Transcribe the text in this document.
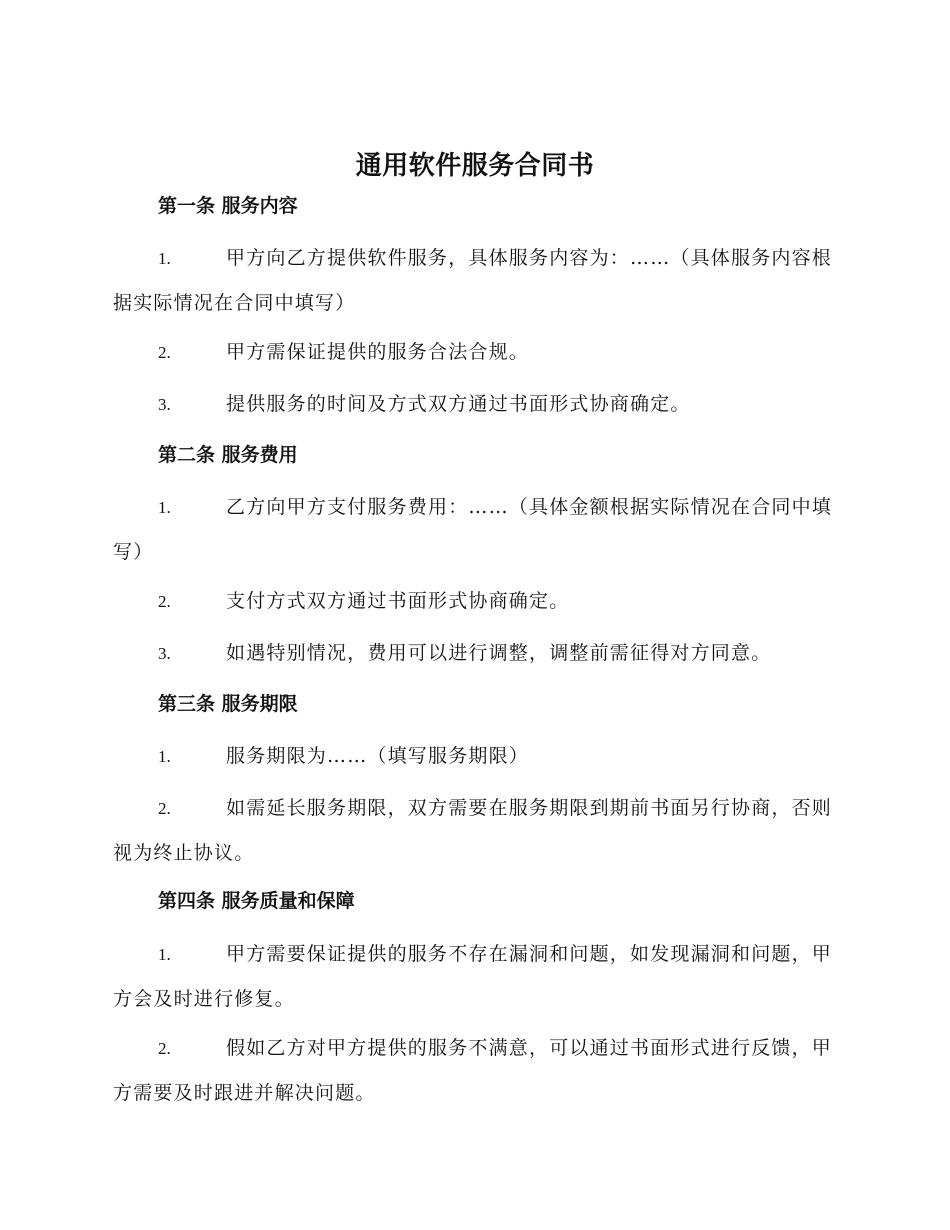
通用软件服务合同书
第一条 服务内容
1.	甲方向乙方提供软件服务，具体服务内容为：……（具体服务内容根据实际情况在合同中填写）
2.	甲方需保证提供的服务合法合规。
3.	提供服务的时间及方式双方通过书面形式协商确定。
第二条 服务费用
1.	乙方向甲方支付服务费用：……（具体金额根据实际情况在合同中填写）
2.	支付方式双方通过书面形式协商确定。
3.	如遇特别情况，费用可以进行调整，调整前需征得对方同意。
第三条 服务期限
1.	服务期限为……（填写服务期限）
2.	如需延长服务期限，双方需要在服务期限到期前书面另行协商，否则视为终止协议。
第四条 服务质量和保障
1.	甲方需要保证提供的服务不存在漏洞和问题，如发现漏洞和问题，甲方会及时进行修复。
2.	假如乙方对甲方提供的服务不满意，可以通过书面形式进行反馈，甲方需要及时跟进并解决问题。
